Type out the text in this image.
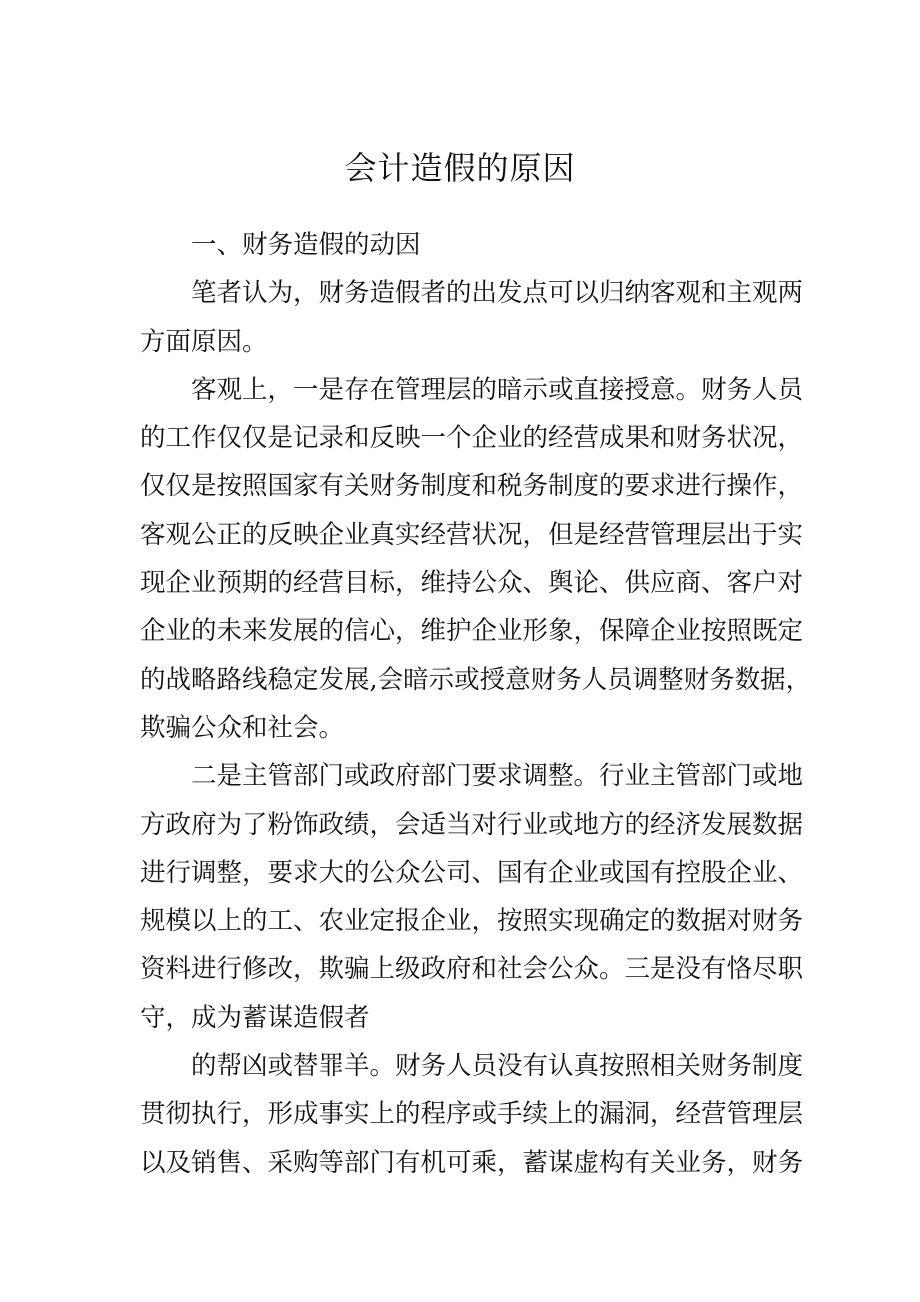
会计造假的原因
一、财务造假的动因
笔者认为，财务造假者的出发点可以归纳客观和主观两
方面原因。
客观上，一是存在管理层的暗示或直接授意。财务人员
的工作仅仅是记录和反映一个企业的经营成果和财务状况，
仅仅是按照国家有关财务制度和税务制度的要求进行操作，
客观公正的反映企业真实经营状况，但是经营管理层出于实
现企业预期的经营目标，维持公众、舆论、供应商、客户对
企业的未来发展的信心，维护企业形象，保障企业按照既定
的战略路线稳定发展,会暗示或授意财务人员调整财务数据，
欺骗公众和社会。
二是主管部门或政府部门要求调整。行业主管部门或地
方政府为了粉饰政绩，会适当对行业或地方的经济发展数据
进行调整，要求大的公众公司、国有企业或国有控股企业、
规模以上的工、农业定报企业，按照实现确定的数据对财务
资料进行修改，欺骗上级政府和社会公众。三是没有恪尽职
守，成为蓄谋造假者
的帮凶或替罪羊。财务人员没有认真按照相关财务制度
贯彻执行，形成事实上的程序或手续上的漏洞，经营管理层
以及销售、采购等部门有机可乘，蓄谋虚构有关业务，财务
